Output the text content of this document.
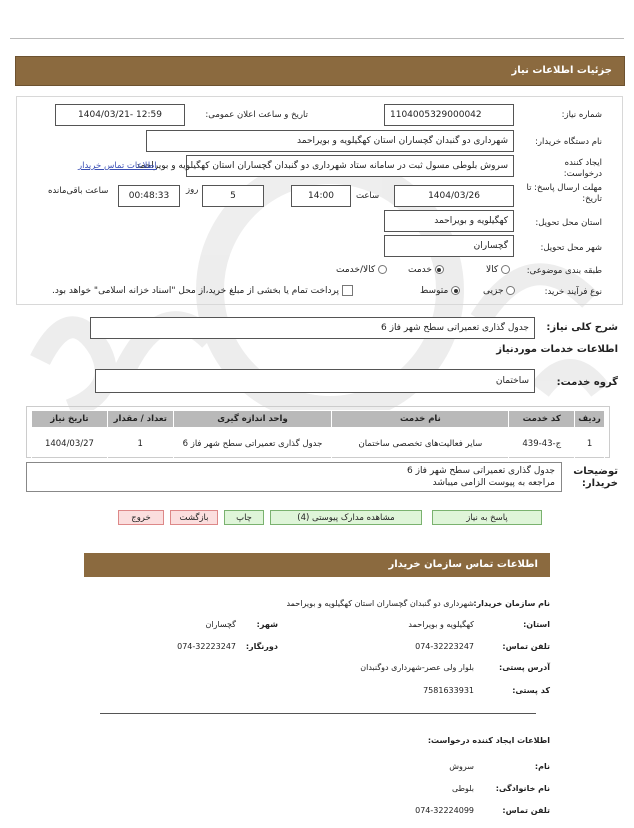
جزئیات اطلاعات نیاز
شماره نیاز:
1104005329000042
تاریخ و ساعت اعلان عمومی:
1404/03/21- 12:59
نام دستگاه خریدار:
شهرداری دو گنبدان گچساران استان کهگیلویه و بویراحمد
ایجاد کننده درخواست:
سروش بلوطی مسول ثبت در سامانه ستاد شهرداری دو گنبدان گچساران استان کهگیلویه و بویراحمد
اطلاعات تماس خریدار
مهلت ارسال پاسخ: تا تاریخ:
1404/03/26
ساعت
14:00
5
روز
00:48:33
ساعت باقی‌مانده
استان محل تحویل:
کهگیلویه و بویراحمد
شهر محل تحویل:
گچساران
طبقه بندی موضوعی:
کالا
خدمت
کالا/خدمت
نوع فرآیند خرید:
جزیی
متوسط
پرداخت تمام یا بخشی از مبلغ خرید،از محل "اسناد خزانه اسلامی" خواهد بود.
شرح کلی نیاز:
جدول گذاری تعمیراتی سطح شهر فاز 6
اطلاعات خدمات موردنیاز
گروه خدمت:
ساختمان
ردیف	کد خدمت	نام خدمت	واحد اندازه گیری	تعداد / مقدار	تاریخ نیاز
1	ج-43-439	سایر فعالیت‌های تخصصی ساختمان	جدول گذاری تعمیراتی سطح شهر فاز 6	1	1404/03/27
توضیحات خریدار:
جدول گذاری تعمیراتی سطح شهر فاز 6
مراجعه به پیوست الزامی میباشد
پاسخ به نیاز
مشاهده مدارک پیوستی (4)
چاپ
بازگشت
خروج
اطلاعات تماس سازمان خریدار
نام سازمان خریدار:
شهرداری دو گنبدان گچساران استان کهگیلویه و بویراحمد
استان:
کهگیلویه و بویراحمد
شهر:
گچساران
تلفن تماس:
074-32223247
دورنگار:
074-32223247
آدرس پستی:
بلوار ولی عصر-شهرداری دوگنبدان
کد پستی:
7581633931
اطلاعات ایجاد کننده درخواست:
نام:
سروش
نام خانوادگی:
بلوطی
تلفن تماس:
074-32224099
